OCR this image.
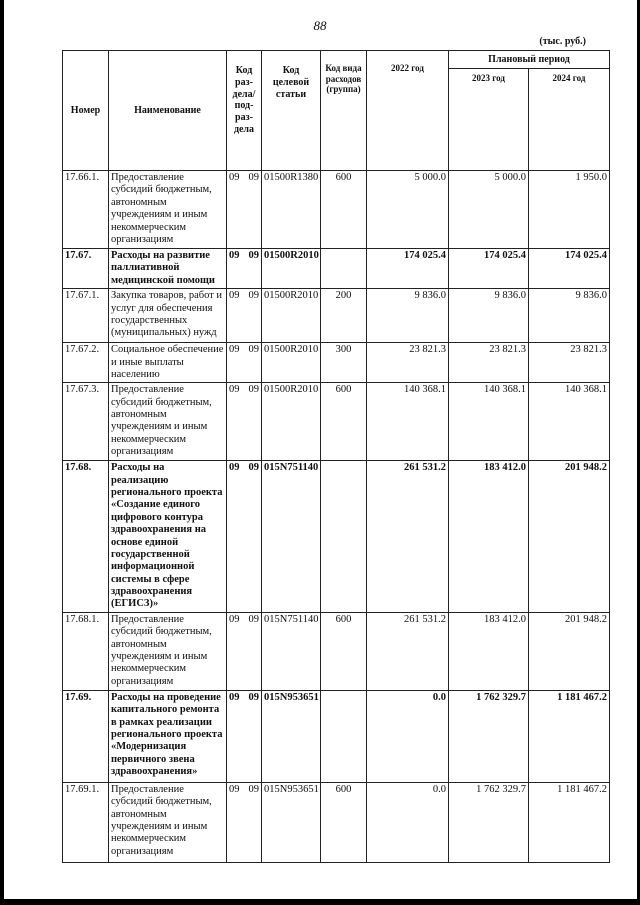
88
(тыс. руб.)
Номер	Наименование	Код раз- дела/ под- раз- дела	Код целевой статьи	Код вида расходов (группа)	2022 год	Плановый период	
						2023 год	2024 год
17.66.1.	Предоставление субсидий бюджетным, автономным учреждениям и иным некоммерческим организациям	09 09	01500R1380	600	5 000.0	5 000.0	1 950.0
17.67.	Расходы на развитие паллиативной медицинской помощи	09 09	01500R2010		174 025.4	174 025.4	174 025.4
17.67.1.	Закупка товаров, работ и услуг для обеспечения государственных (муниципальных) нужд	09 09	01500R2010	200	9 836.0	9 836.0	9 836.0
17.67.2.	Социальное обеспечение и иные выплаты населению	09 09	01500R2010	300	23 821.3	23 821.3	23 821.3
17.67.3.	Предоставление субсидий бюджетным, автономным учреждениям и иным некоммерческим организациям	09 09	01500R2010	600	140 368.1	140 368.1	140 368.1
17.68.	Расходы на реализацию регионального проекта «Создание единого цифрового контура здравоохранения на основе единой государственной информационной системы в сфере здравоохранения (ЕГИСЗ)»	09 09	015N751140		261 531.2	183 412.0	201 948.2
17.68.1.	Предоставление субсидий бюджетным, автономным учреждениям и иным некоммерческим организациям	09 09	015N751140	600	261 531.2	183 412.0	201 948.2
17.69.	Расходы на проведение капитального ремонта в рамках реализации регионального проекта «Модернизация первичного звена здравоохранения»	09 09	015N953651		0.0	1 762 329.7	1 181 467.2
17.69.1.	Предоставление субсидий бюджетным, автономным учреждениям и иным некоммерческим организациям	09 09	015N953651	600	0.0	1 762 329.7	1 181 467.2
